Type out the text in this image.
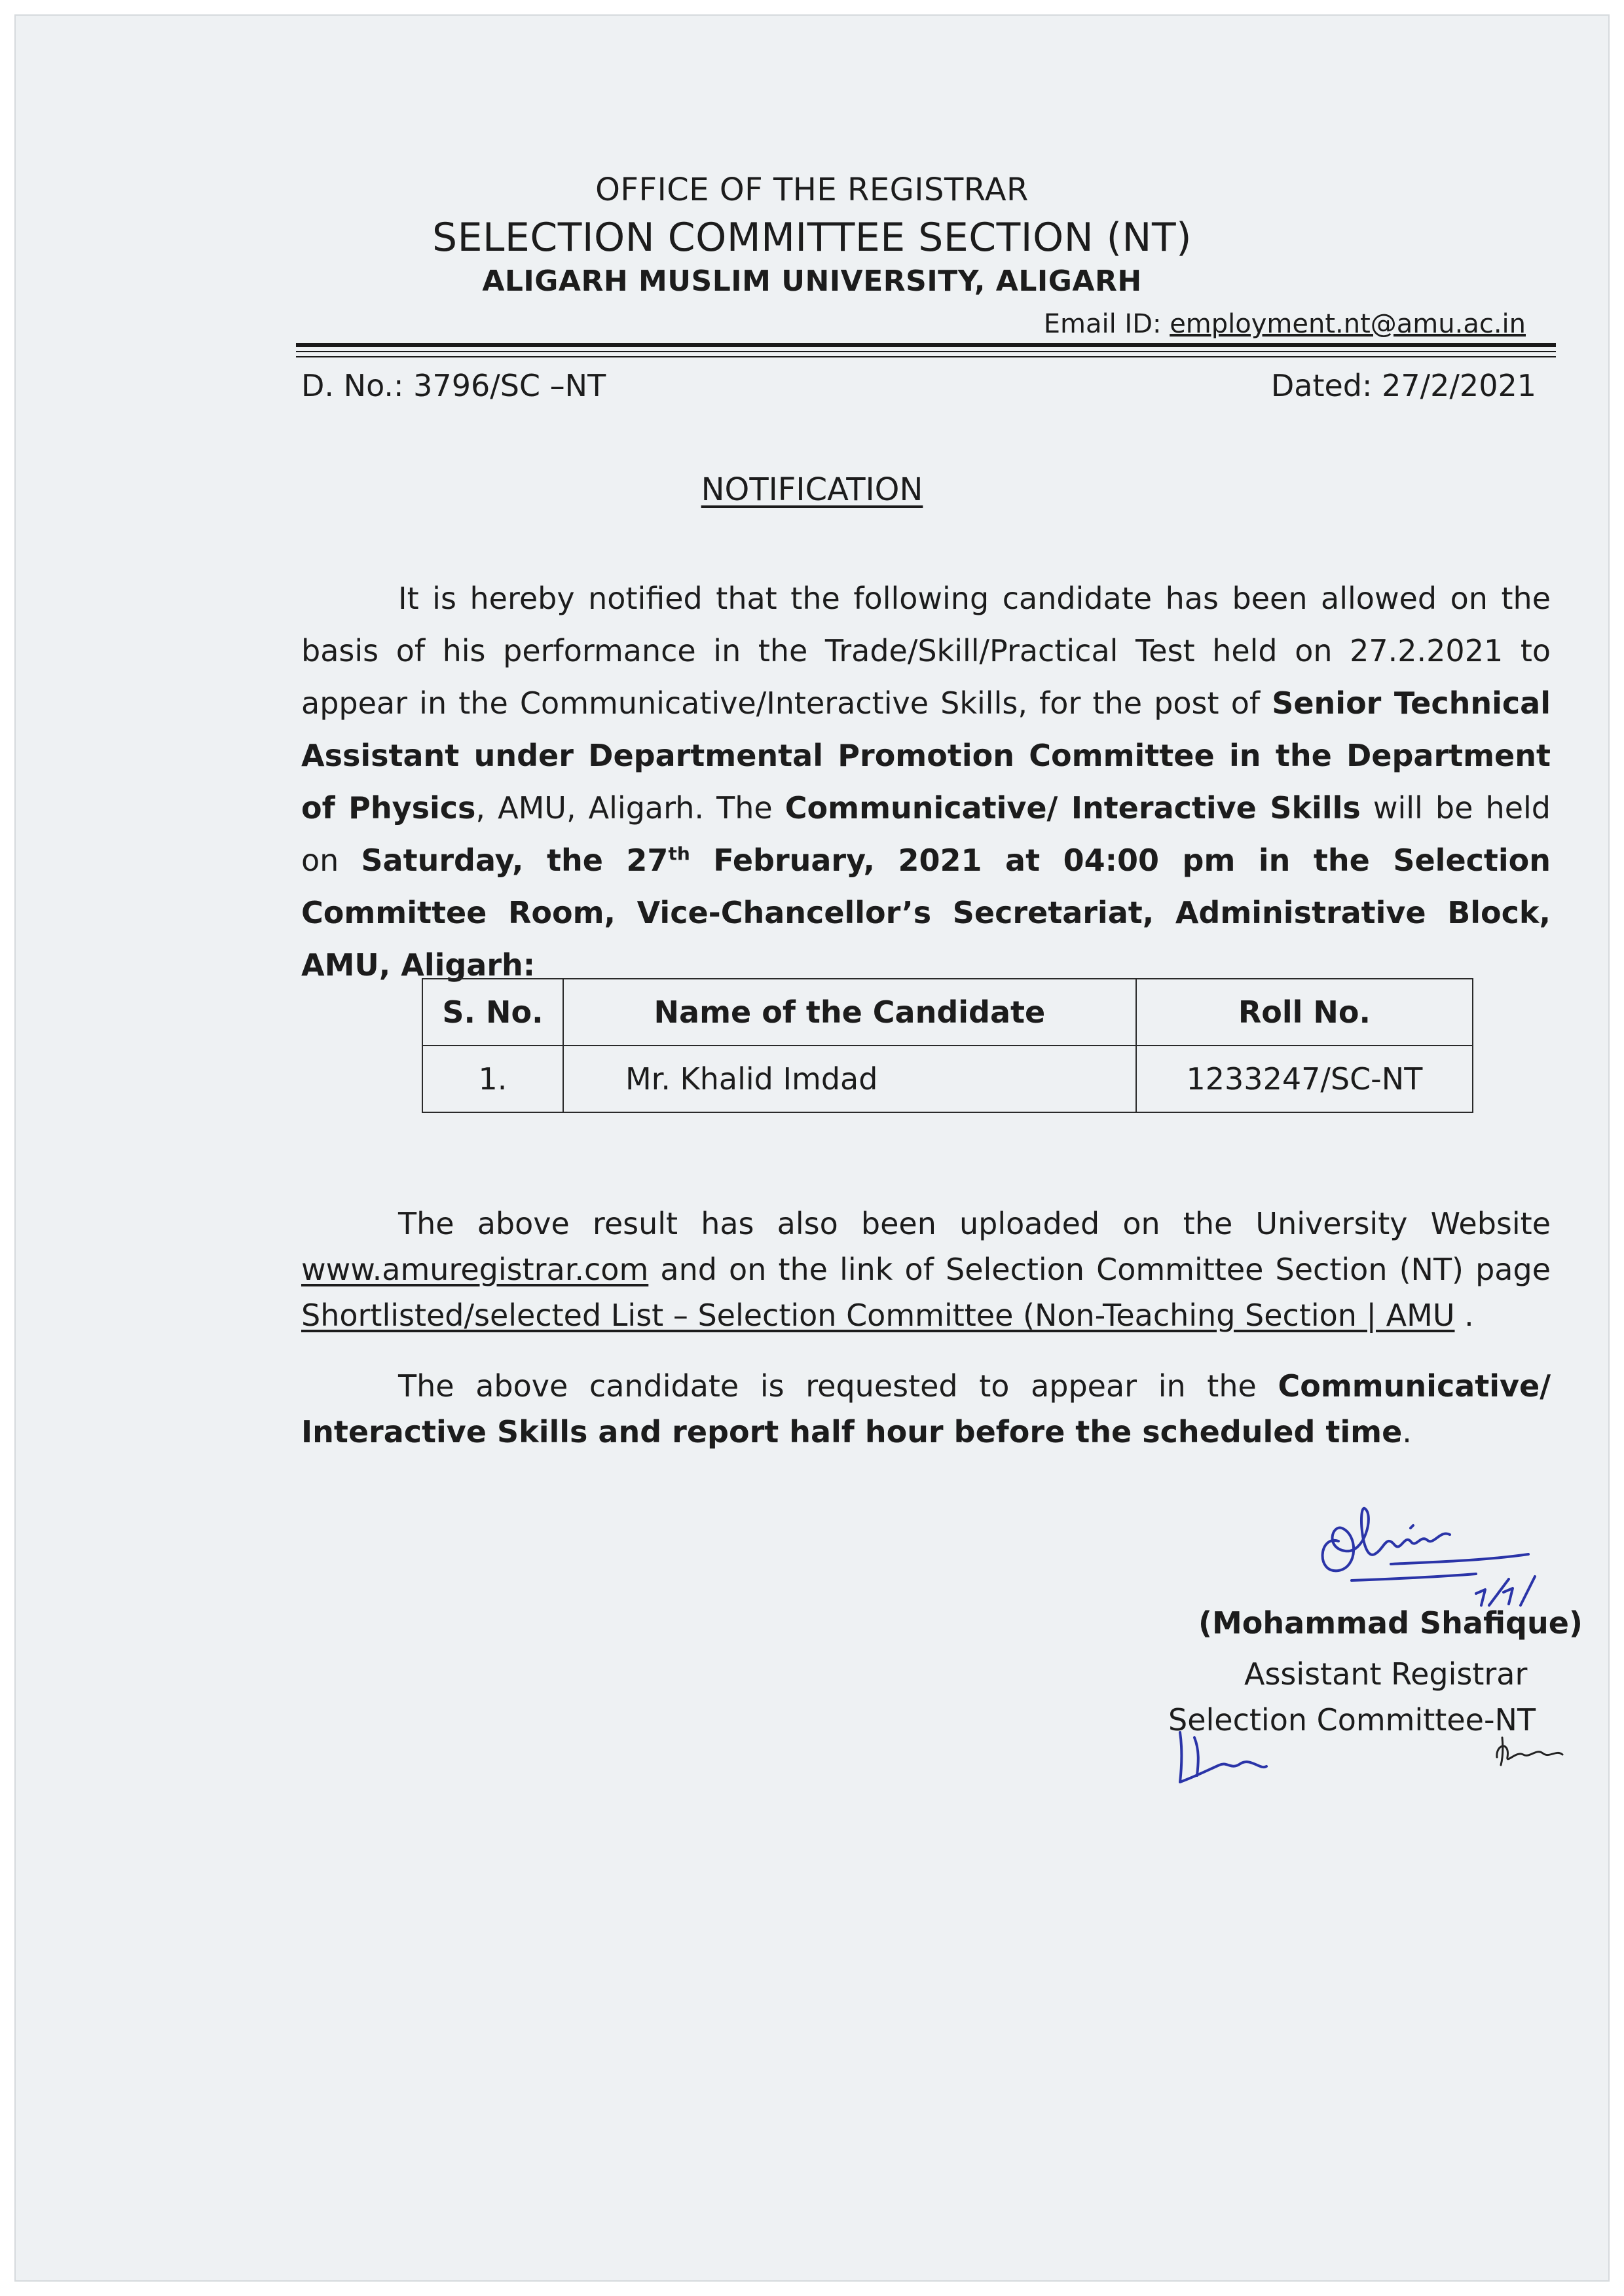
OFFICE OF THE REGISTRAR
SELECTION COMMITTEE SECTION (NT)
ALIGARH MUSLIM UNIVERSITY, ALIGARH
Email ID: employment.nt@amu.ac.in
D. No.: 3796/SC –NT	Dated: 27/2/2021
NOTIFICATION
It is hereby notified that the following candidate has been allowed on the basis of his performance in the Trade/Skill/Practical Test held on 27.2.2021 to appear in the Communicative/Interactive Skills, for the post of Senior Technical Assistant under Departmental Promotion Committee in the Department of Physics, AMU, Aligarh. The Communicative/ Interactive Skills will be held on Saturday, the 27th February, 2021 at 04:00 pm in the Selection Committee Room, Vice-Chancellor’s Secretariat, Administrative Block, AMU, Aligarh:
S. No.	Name of the Candidate	Roll No.
1.	Mr. Khalid Imdad	1233247/SC-NT
The above result has also been uploaded on the University Website www.amuregistrar.com and on the link of Selection Committee Section (NT) page Shortlisted/selected List – Selection Committee (Non-Teaching Section | AMU .
The above candidate is requested to appear in the Communicative/ Interactive Skills and report half hour before the scheduled time.
(Mohammad Shafique)
Assistant Registrar
Selection Committee-NT
